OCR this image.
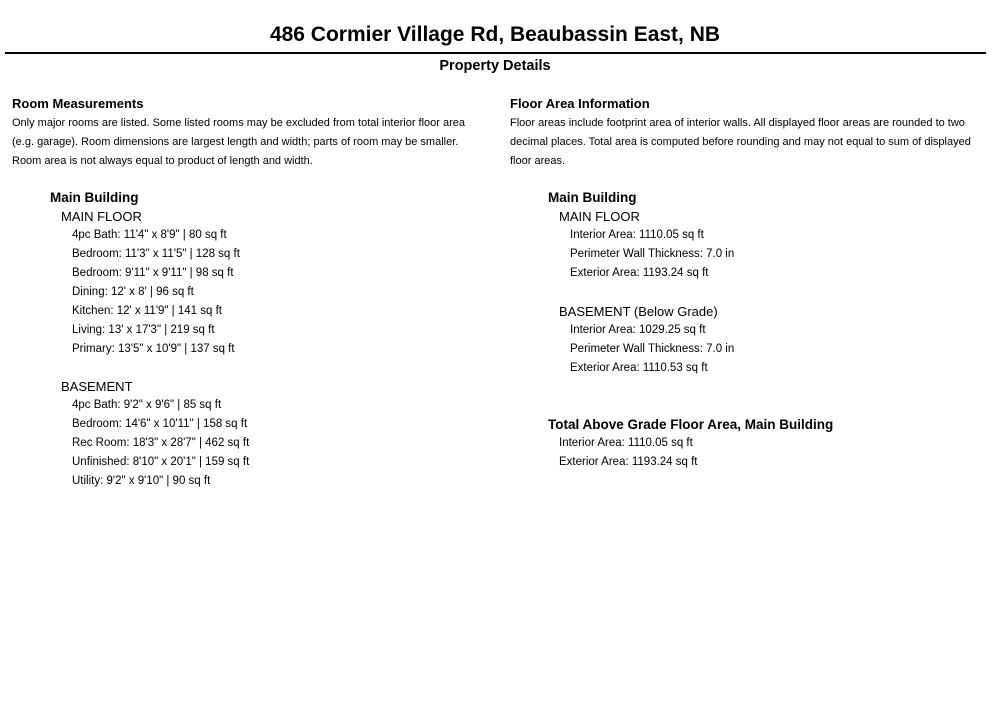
486 Cormier Village Rd, Beaubassin East, NB
Property Details
Room Measurements
Only major rooms are listed. Some listed rooms may be excluded from total interior floor area
(e.g. garage). Room dimensions are largest length and width; parts of room may be smaller.
Room area is not always equal to product of length and width.
Main Building
MAIN FLOOR
4pc Bath: 11'4" x 8'9" | 80 sq ft
Bedroom: 11'3" x 11'5" | 128 sq ft
Bedroom: 9'11" x 9'11" | 98 sq ft
Dining: 12' x 8' | 96 sq ft
Kitchen: 12' x 11'9" | 141 sq ft
Living: 13' x 17'3" | 219 sq ft
Primary: 13'5" x 10'9" | 137 sq ft
BASEMENT
4pc Bath: 9'2" x 9'6" | 85 sq ft
Bedroom: 14'6" x 10'11" | 158 sq ft
Rec Room: 18'3" x 28'7" | 462 sq ft
Unfinished: 8'10" x 20'1" | 159 sq ft
Utility: 9'2" x 9'10" | 90 sq ft
Floor Area Information
Floor areas include footprint area of interior walls. All displayed floor areas are rounded to two
decimal places. Total area is computed before rounding and may not equal to sum of displayed
floor areas.
Main Building
MAIN FLOOR
Interior Area: 1110.05 sq ft
Perimeter Wall Thickness: 7.0 in
Exterior Area: 1193.24 sq ft
BASEMENT (Below Grade)
Interior Area: 1029.25 sq ft
Perimeter Wall Thickness: 7.0 in
Exterior Area: 1110.53 sq ft
Total Above Grade Floor Area, Main Building
Interior Area: 1110.05 sq ft
Exterior Area: 1193.24 sq ft
